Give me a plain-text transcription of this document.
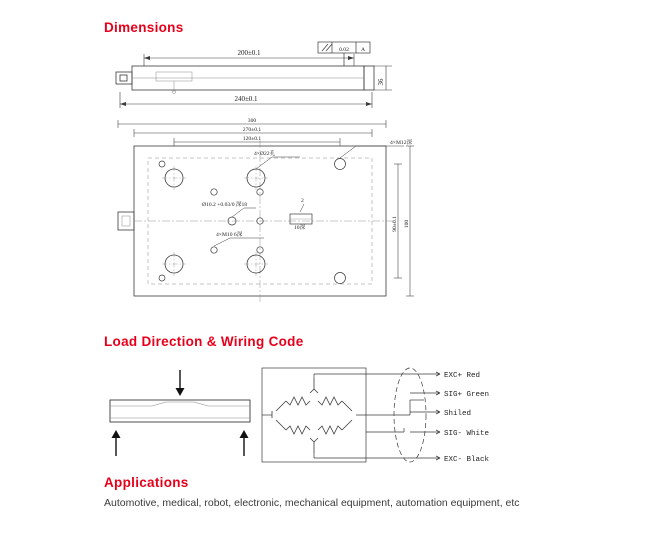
Dimensions
200±0.1
240±0.1
36
0.02 A
4×Ø22孔
4×M12深
4×M10 6深
Ø10.2 +0.03/0 深18
2
10深
300
270±0.1
120±0.1
90±0.1 100
Load Direction & Wiring Code
EXC+ Red
SIG+ Green
Shiled
SIG- White
EXC- Black
Applications
Automotive, medical, robot, electronic, mechanical equipment, automation equipment, etc
